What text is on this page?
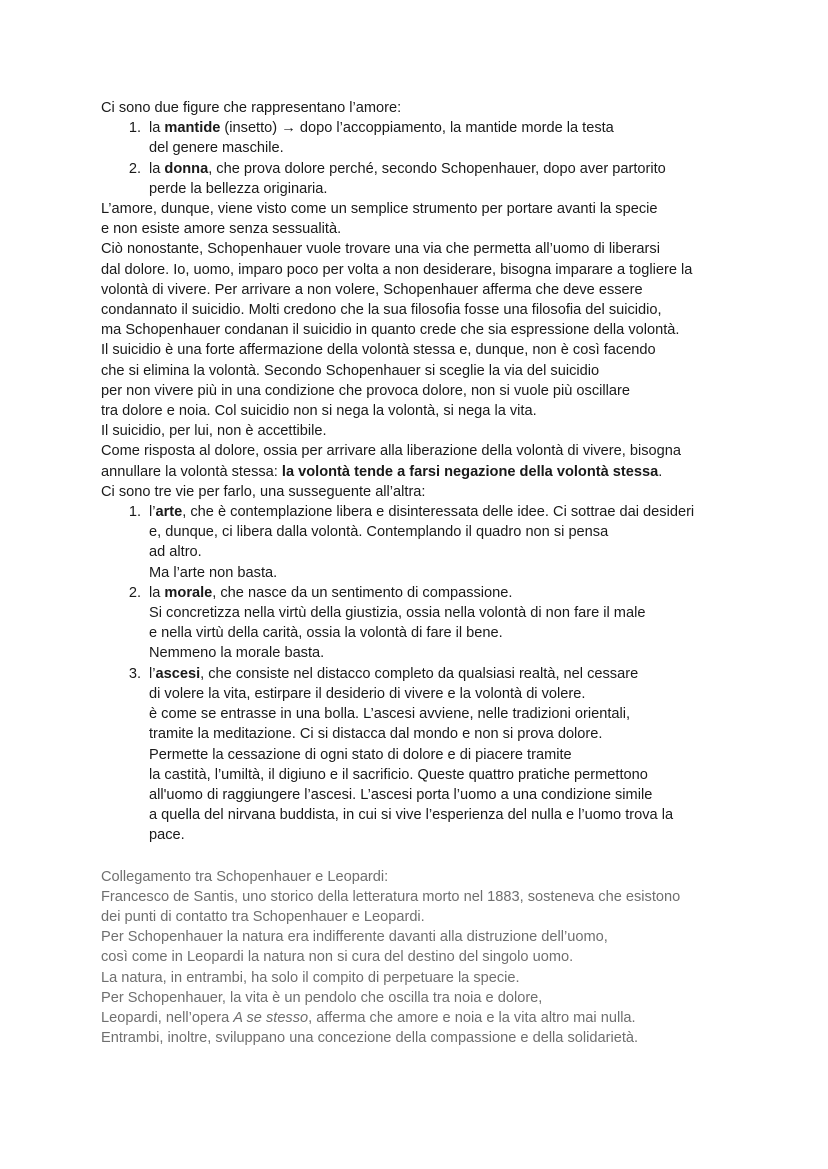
Ci sono due figure che rappresentano l’amore:
1. la mantide (insetto) → dopo l’accoppiamento, la mantide morde la testa
del genere maschile.
2. la donna, che prova dolore perché, secondo Schopenhauer, dopo aver partorito
perde la bellezza originaria.
L’amore, dunque, viene visto come un semplice strumento per portare avanti la specie
e non esiste amore senza sessualità.
Ciò nonostante, Schopenhauer vuole trovare una via che permetta all’uomo di liberarsi
dal dolore. Io, uomo, imparo poco per volta a non desiderare, bisogna imparare a togliere la
volontà di vivere. Per arrivare a non volere, Schopenhauer afferma che deve essere
condannato il suicidio. Molti credono che la sua filosofia fosse una filosofia del suicidio,
ma Schopenhauer condanan il suicidio in quanto crede che sia espressione della volontà.
Il suicidio è una forte affermazione della volontà stessa e, dunque, non è così facendo
che si elimina la volontà. Secondo Schopenhauer si sceglie la via del suicidio
per non vivere più in una condizione che provoca dolore, non si vuole più oscillare
tra dolore e noia. Col suicidio non si nega la volontà, si nega la vita.
Il suicidio, per lui, non è accettibile.
Come risposta al dolore, ossia per arrivare alla liberazione della volontà di vivere, bisogna
annullare la volontà stessa: la volontà tende a farsi negazione della volontà stessa.
Ci sono tre vie per farlo, una susseguente all’altra:
1. l’arte, che è contemplazione libera e disinteressata delle idee. Ci sottrae dai desideri
e, dunque, ci libera dalla volontà. Contemplando il quadro non si pensa
ad altro.
Ma l’arte non basta.
2. la morale, che nasce da un sentimento di compassione.
Si concretizza nella virtù della giustizia, ossia nella volontà di non fare il male
e nella virtù della carità, ossia la volontà di fare il bene.
Nemmeno la morale basta.
3. l’ascesi, che consiste nel distacco completo da qualsiasi realtà, nel cessare
di volere la vita, estirpare il desiderio di vivere e la volontà di volere.
è come se entrasse in una bolla. L’ascesi avviene, nelle tradizioni orientali,
tramite la meditazione. Ci si distacca dal mondo e non si prova dolore.
Permette la cessazione di ogni stato di dolore e di piacere tramite
la castità, l’umiltà, il digiuno e il sacrificio. Queste quattro pratiche permettono
all'uomo di raggiungere l’ascesi. L’ascesi porta l’uomo a una condizione simile
a quella del nirvana buddista, in cui si vive l’esperienza del nulla e l’uomo trova la
pace.
Collegamento tra Schopenhauer e Leopardi:
Francesco de Santis, uno storico della letteratura morto nel 1883, sosteneva che esistono
dei punti di contatto tra Schopenhauer e Leopardi.
Per Schopenhauer la natura era indifferente davanti alla distruzione dell’uomo,
così come in Leopardi la natura non si cura del destino del singolo uomo.
La natura, in entrambi, ha solo il compito di perpetuare la specie.
Per Schopenhauer, la vita è un pendolo che oscilla tra noia e dolore,
Leopardi, nell’opera A se stesso, afferma che amore e noia e la vita altro mai nulla.
Entrambi, inoltre, sviluppano una concezione della compassione e della solidarietà.
